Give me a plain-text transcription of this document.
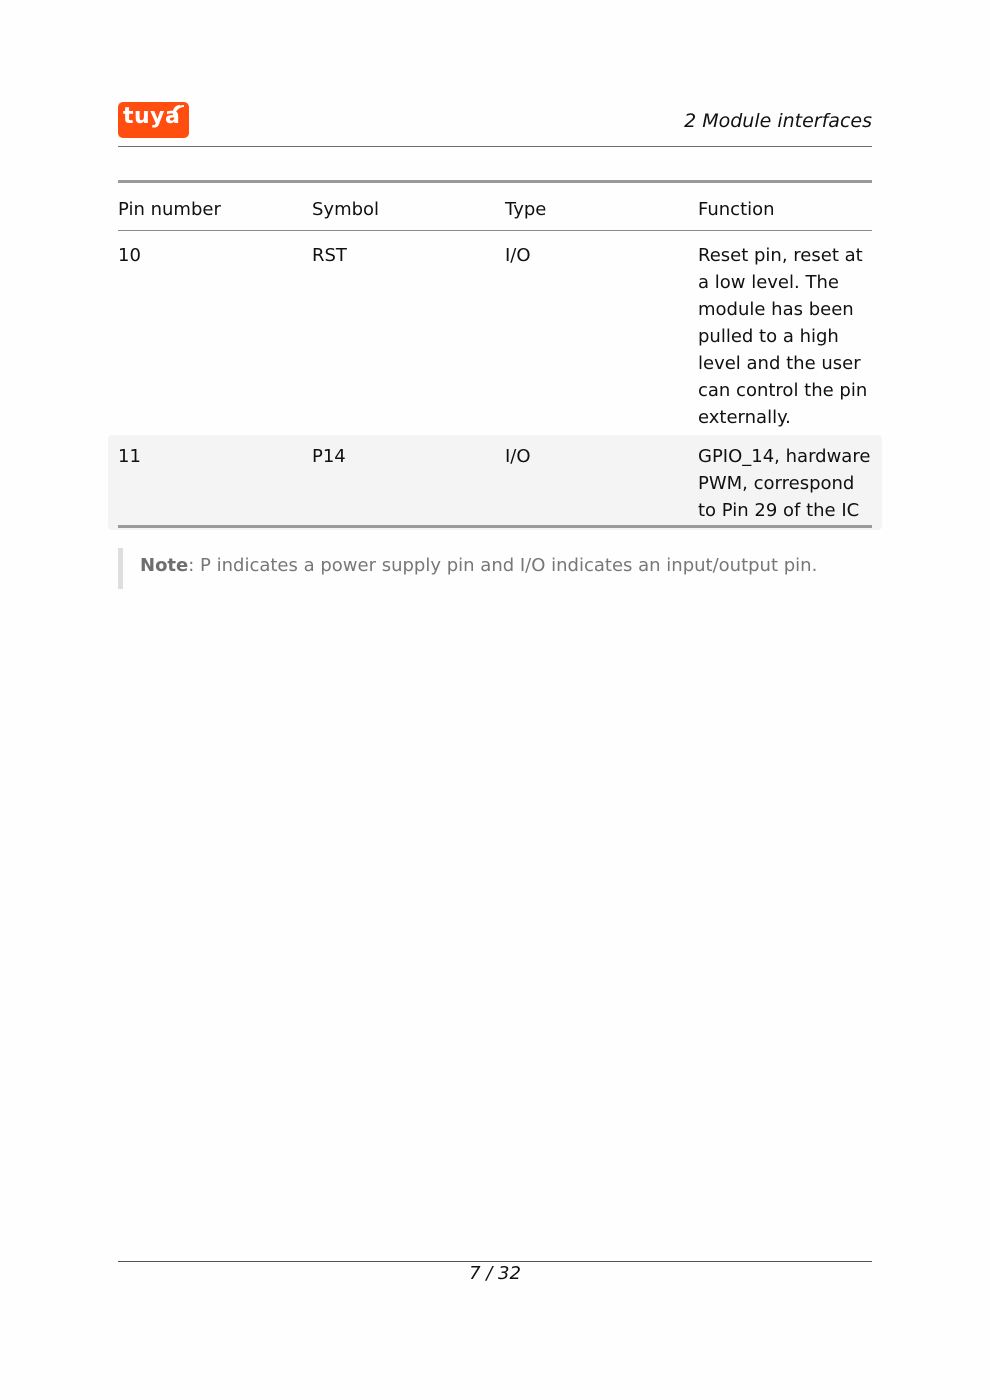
tuya	2 Module interfaces
Pin number	Symbol	Type	Function
10	RST	I/O	Reset pin, reset at
a low level. The
module has been
pulled to a high
level and the user
can control the pin
externally.
11	P14	I/O	GPIO_14, hardware
PWM, correspond
to Pin 29 of the IC
Note: P indicates a power supply pin and I/O indicates an input/output pin.
7 / 32
